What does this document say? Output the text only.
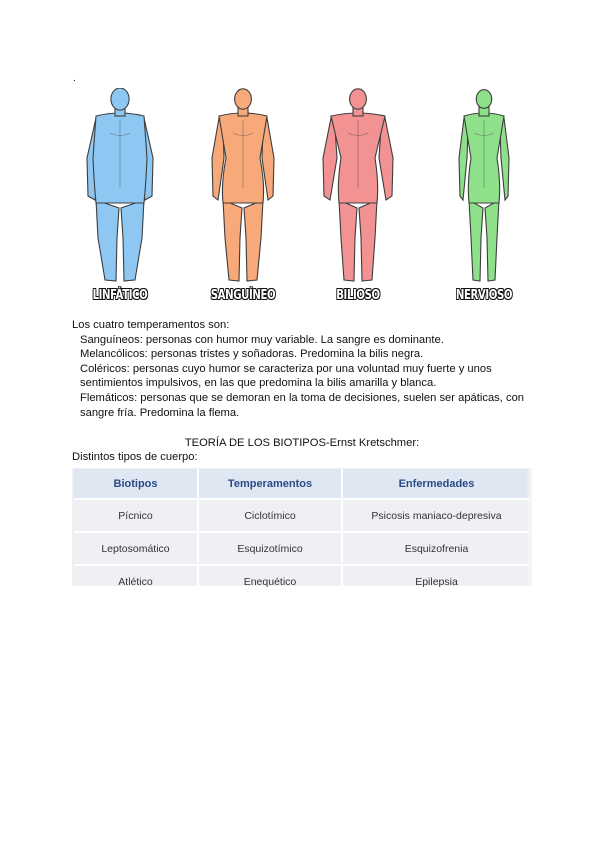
.
LINFÁTICO	SANGUÍNEO	BILIOSO	NERVIOSO

Los cuatro temperamentos son:

Sanguíneos: personas con humor muy variable. La sangre es dominante.

Melancólicos: personas tristes y soñadoras. Predomina la bilis negra.

Coléricos: personas cuyo humor se caracteriza por una voluntad muy fuerte y unos sentimientos impulsivos, en las que predomina la bilis amarilla y blanca.

Flemáticos: personas que se demoran en la toma de decisiones, suelen ser apáticas, con sangre fría. Predomina la flema.

TEORÍA DE LOS BIOTIPOS-Ernst Kretschmer:
Distintos tipos de cuerpo:
Biotipos	Temperamentos	Enfermedades
Pícnico	Ciclotímico	Psicosis maniaco-depresiva
Leptosomático	Esquizotímico	Esquizofrenia
Atlético	Enequético	Epilepsia
